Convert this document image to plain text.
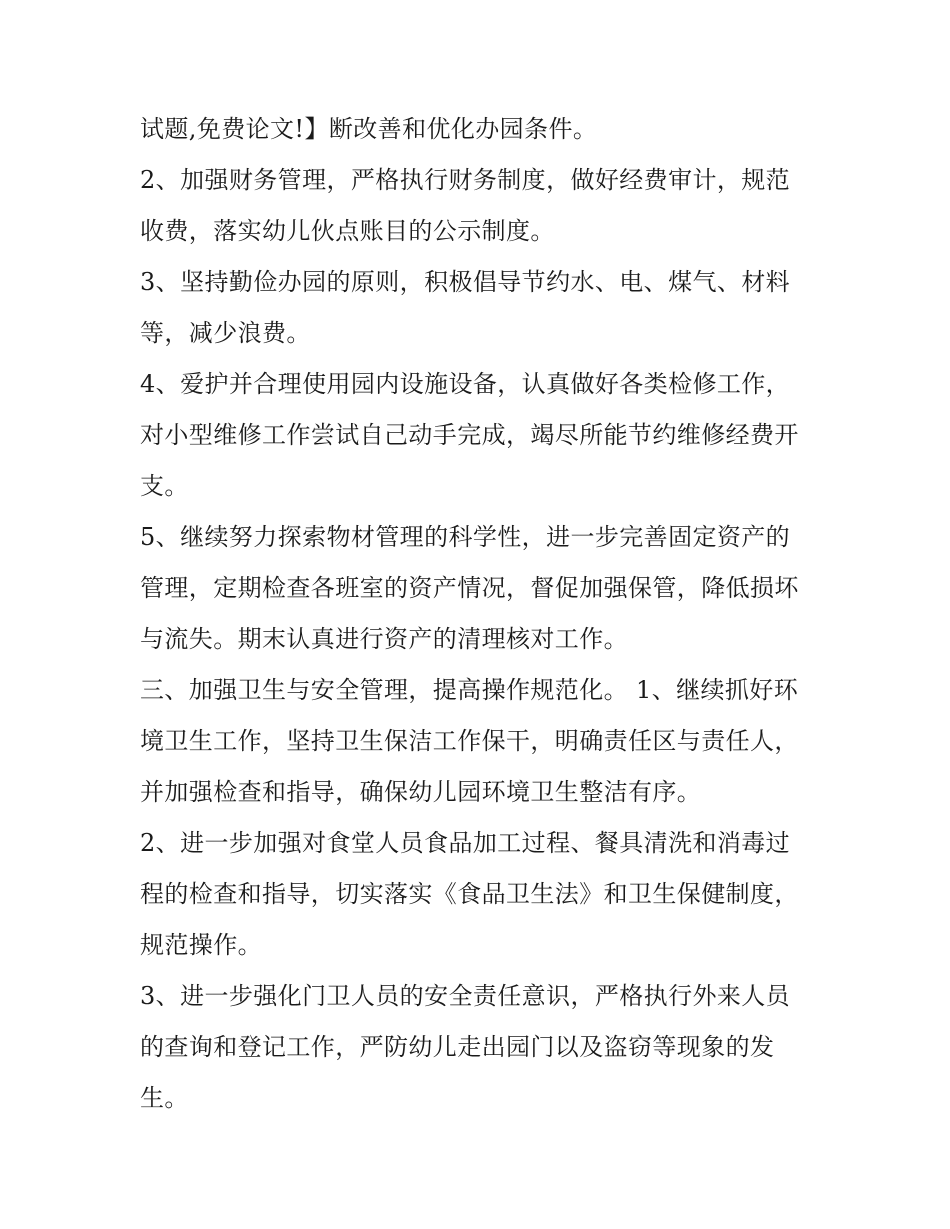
试题,免费论文!】断改善和优化办园条件。
2、加强财务管理，严格执行财务制度，做好经费审计，规范
收费，落实幼儿伙点账目的公示制度。
3、坚持勤俭办园的原则，积极倡导节约水、电、煤气、材料
等，减少浪费。
4、爱护并合理使用园内设施设备，认真做好各类检修工作，
对小型维修工作尝试自己动手完成，竭尽所能节约维修经费开
支。
5、继续努力探索物材管理的科学性，进一步完善固定资产的
管理，定期检查各班室的资产情况，督促加强保管，降低损坏
与流失。期末认真进行资产的清理核对工作。
三、加强卫生与安全管理，提高操作规范化。 1、继续抓好环
境卫生工作，坚持卫生保洁工作保干，明确责任区与责任人，
并加强检查和指导，确保幼儿园环境卫生整洁有序。
2、进一步加强对食堂人员食品加工过程、餐具清洗和消毒过
程的检查和指导，切实落实《食品卫生法》和卫生保健制度，
规范操作。
3、进一步强化门卫人员的安全责任意识，严格执行外来人员
的查询和登记工作，严防幼儿走出园门以及盗窃等现象的发
生。
